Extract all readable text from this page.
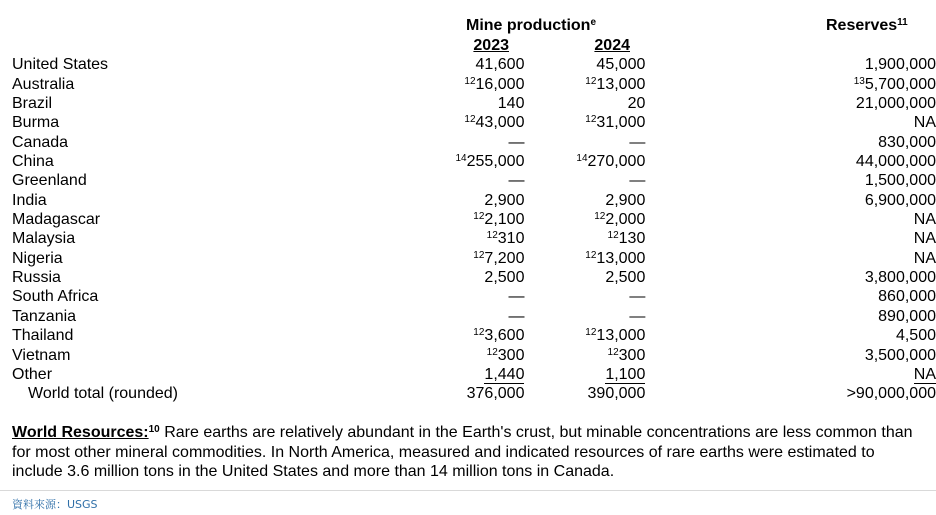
Mine production$^e$
2023	2024
Reserves$^{11}$
United States	41,600		45,000		1,900,000
Australia	$^{12}$16,000		$^{12}$13,000		$^{13}$5,700,000
Brazil	140		20		21,000,000
Burma	$^{12}$43,000		$^{12}$31,000		NA
Canada	—		—		830,000
China	$^{14}$255,000		$^{14}$270,000		44,000,000
Greenland	—		—		1,500,000
India	2,900		2,900		6,900,000
Madagascar	$^{12}$2,100		$^{12}$2,000		NA
Malaysia	$^{12}$310		$^{12}$130		NA
Nigeria	$^{12}$7,200		$^{12}$13,000		NA
Russia	2,500		2,500		3,800,000
South Africa	—		—		860,000
Tanzania	—		—		890,000
Thailand	$^{12}$3,600		$^{12}$13,000		4,500
Vietnam	$^{12}$300		$^{12}$300		3,500,000
Other	1,440		1,100		NA
World total (rounded)	376,000		390,000		>90,000,000
World Resources:$^{10}$ Rare earths are relatively abundant in the Earth's crust, but minable concentrations are less common than for most other mineral commodities. In North America, measured and indicated resources of rare earths were estimated to include 3.6 million tons in the United States and more than 14 million tons in Canada.
資料來源：USGS
